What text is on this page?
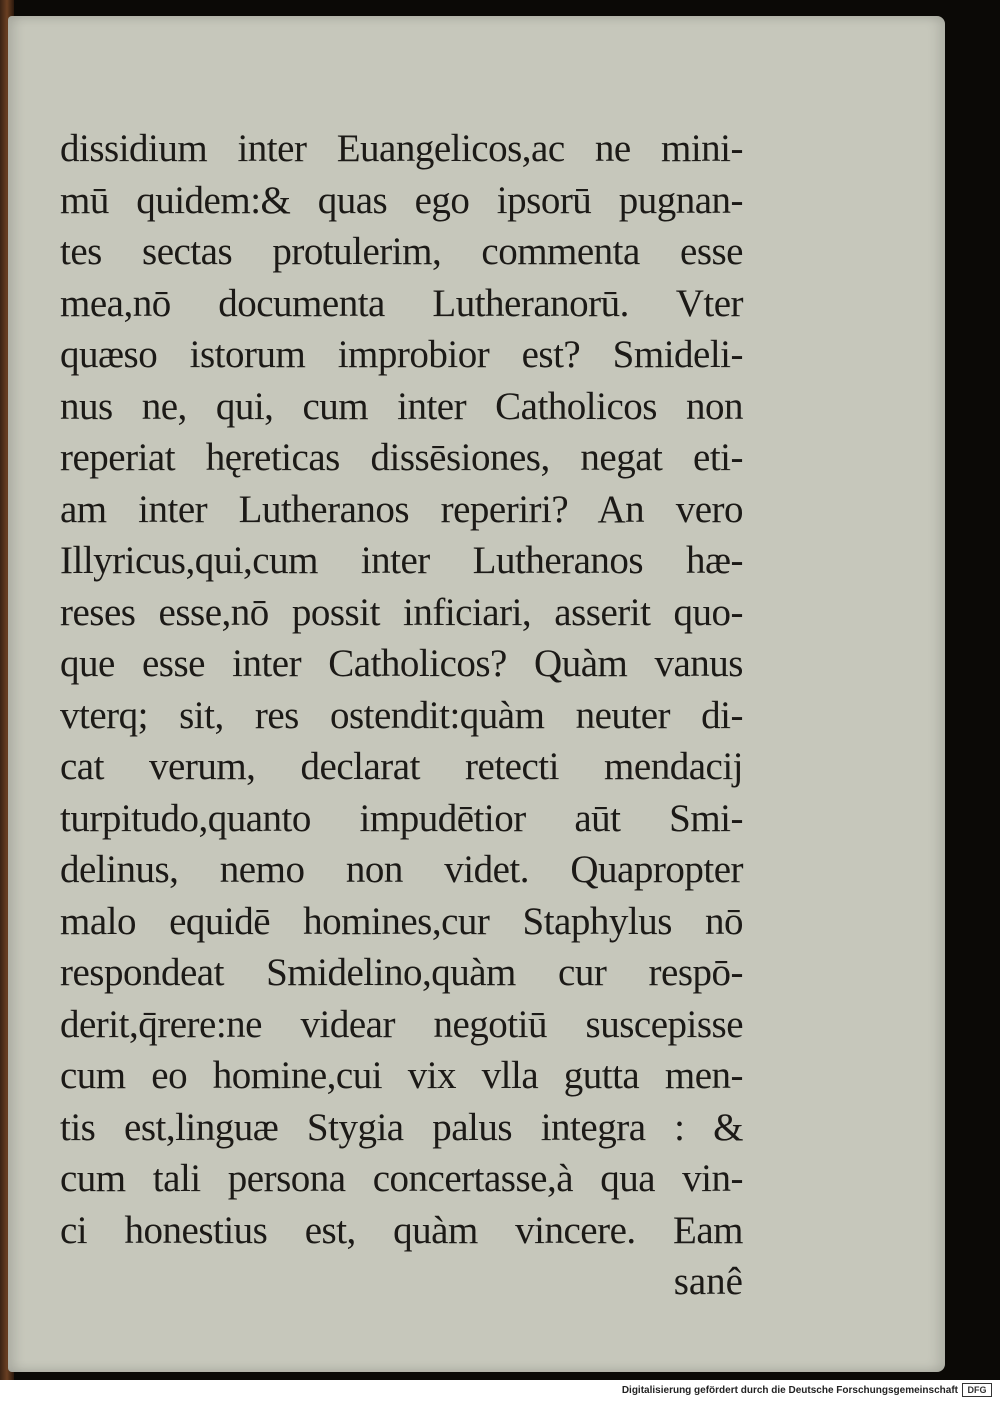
dissidium inter Euangelicos,ac ne mini-
mū quidem:& quas ego ipsorū pugnan-
tes sectas protulerim, commenta esse
mea,nō documenta Lutheranorū. Vter
quæso istorum improbior est? Smideli-
nus ne, qui, cum inter Catholicos non
reperiat hęreticas dissēsiones, negat eti-
am inter Lutheranos reperiri? An vero
Illyricus,qui,cum inter Lutheranos hæ-
reses esse,nō possit inficiari, asserit quo-
que esse inter Catholicos? Quàm vanus
vterq; sit, res ostendit:quàm neuter di-
cat verum, declarat retecti mendacij
turpitudo,quanto impudētior aūt Smi-
delinus, nemo non videt. Quapropter
malo equidē homines,cur Staphylus nō
respondeat Smidelino,quàm cur respō-
derit,q̄rere:ne videar negotiū suscepisse
cum eo homine,cui vix vlla gutta men-
tis est,linguæ Stygia palus integra : &
cum tali persona concertasse,à qua vin-
ci honestius est, quàm vincere. Eam
sanê
Digitalisierung gefördert durch die Deutsche Forschungsgemeinschaft	DFG
